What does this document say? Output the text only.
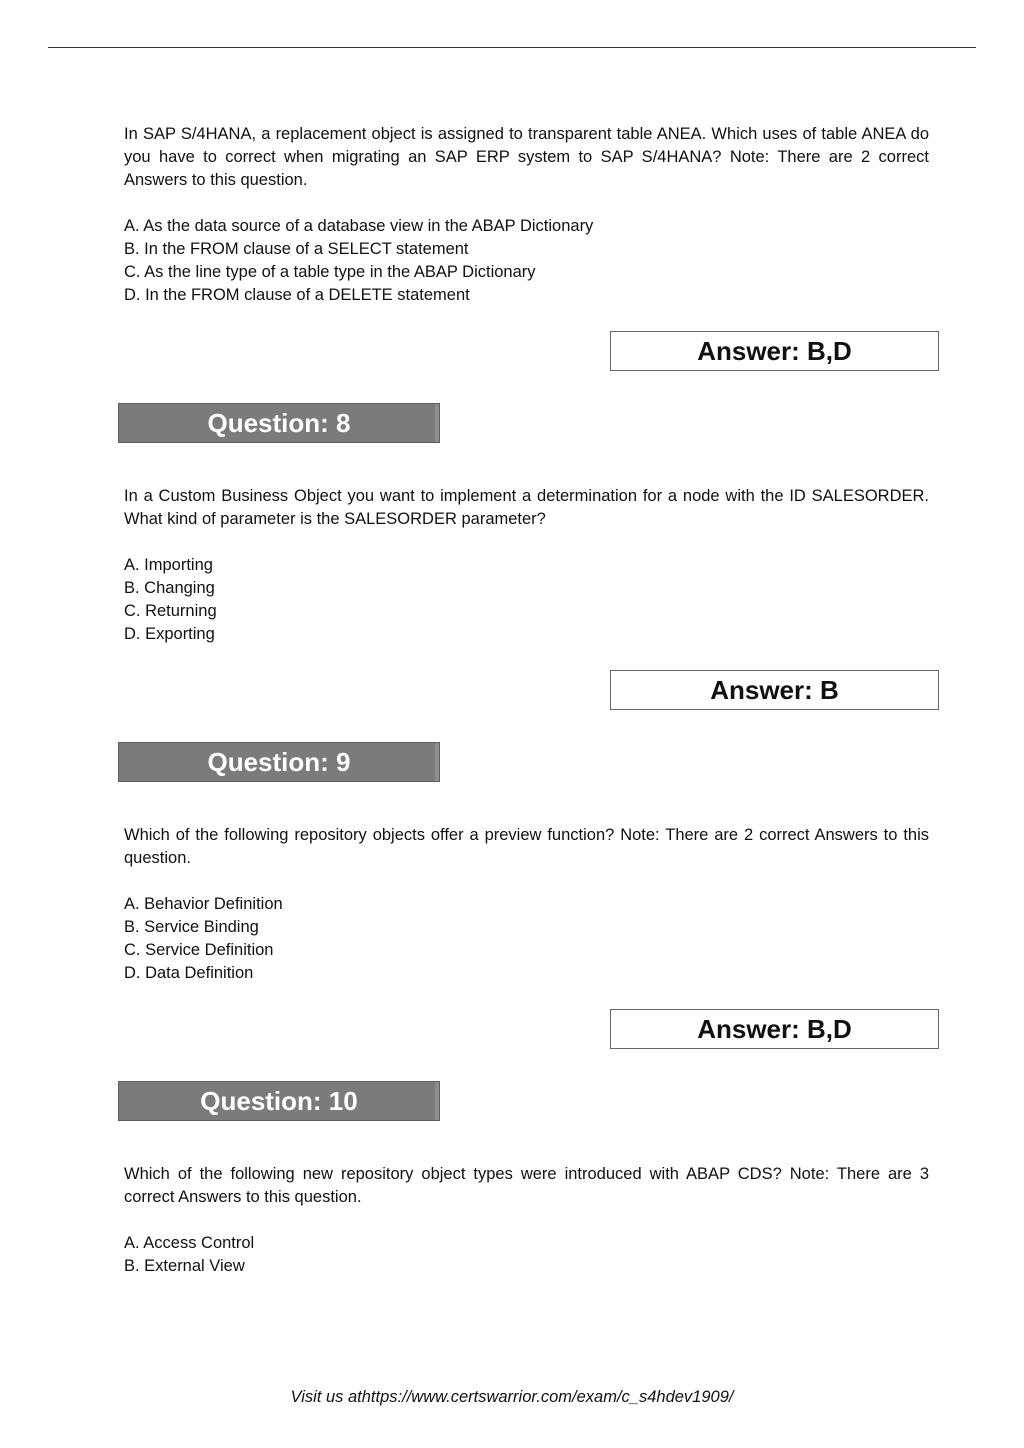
In SAP S/4HANA, a replacement object is assigned to transparent table ANEA. Which uses of table ANEA do you have to correct when migrating an SAP ERP system to SAP S/4HANA? Note: There are 2 correct Answers to this question.

A. As the data source of a database view in the ABAP Dictionary
B. In the FROM clause of a SELECT statement
C. As the line type of a table type in the ABAP Dictionary
D. In the FROM clause of a DELETE statement
Answer: B,D
Question: 8

In a Custom Business Object you want to implement a determination for a node with the ID SALESORDER. What kind of parameter is the SALESORDER parameter?

A. Importing
B. Changing
C. Returning
D. Exporting
Answer: B
Question: 9

Which of the following repository objects offer a preview function? Note: There are 2 correct Answers to this question.

A. Behavior Definition
B. Service Binding
C. Service Definition
D. Data Definition
Answer: B,D
Question: 10

Which of the following new repository object types were introduced with ABAP CDS? Note: There are 3 correct Answers to this question.

A. Access Control
B. External View
Visit us athttps://www.certswarrior.com/exam/c_s4hdev1909/
